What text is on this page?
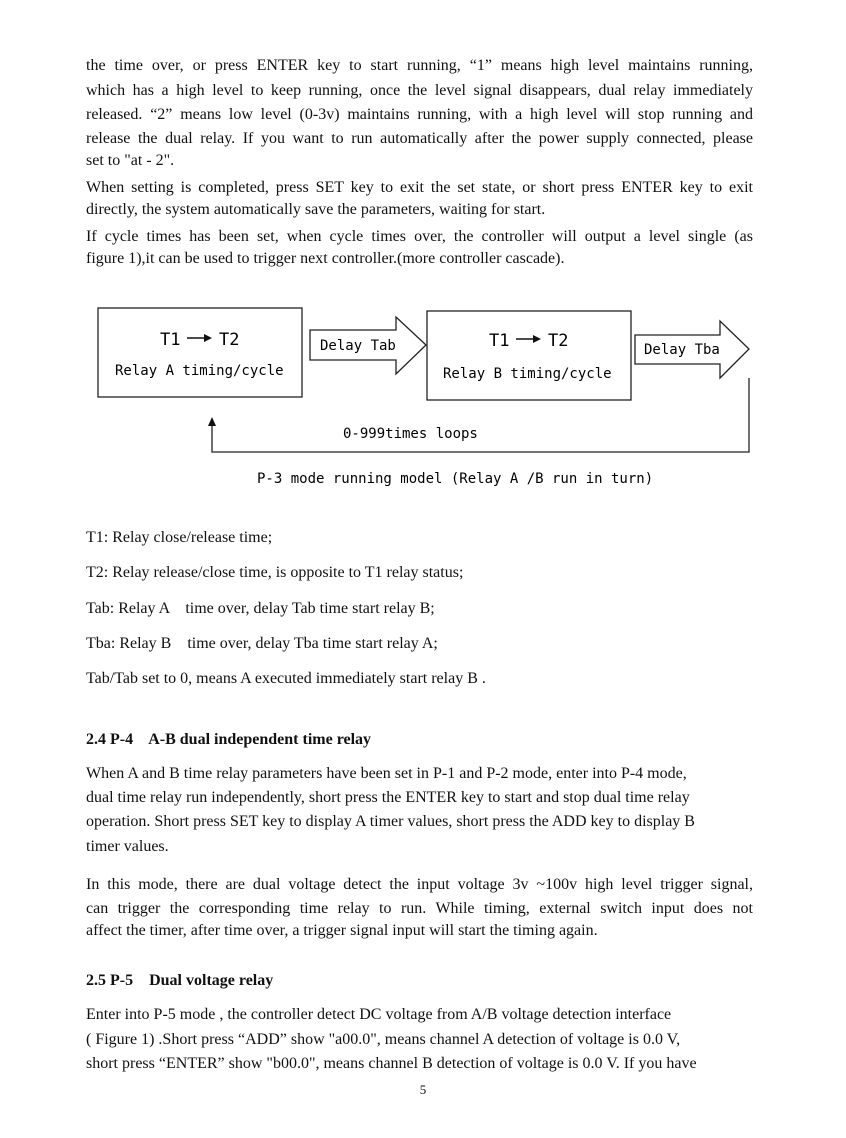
the time over, or press ENTER key to start running, “1” means high level maintains running,

which has a high level to keep running, once the level signal disappears, dual relay immediately

released. “2” means low level (0-3v) maintains running, with a high level will stop running and

release the dual relay. If you want to run automatically after the power supply connected, please

set to "at - 2".

When setting is completed, press SET key to exit the set state, or short press ENTER key to exit

directly, the system automatically save the parameters, waiting for start.

If cycle times has been set, when cycle times over, the controller will output a level single (as

figure 1),it can be used to trigger next controller.(more controller cascade).

T1 T2
Relay A timing/cycle
Delay Tab	T1 T2
Relay B timing/cycle
Delay Tba
0-999times loops
P-3 mode running model (Relay A /B run in turn)

T1: Relay close/release time;

T2: Relay release/close time, is opposite to T1 relay status;

Tab: Relay A    time over, delay Tab time start relay B;

Tba: Relay B    time over, delay Tba time start relay A;

Tab/Tab set to 0, means A executed immediately start relay B .

2.4 P-4    A-B dual independent time relay

When A and B time relay parameters have been set in P-1 and P-2 mode, enter into P-4 mode,

dual time relay run independently, short press the ENTER key to start and stop dual time relay

operation. Short press SET key to display A timer values, short press the ADD key to display B

timer values.

In this mode, there are dual voltage detect the input voltage 3v ~100v high level trigger signal,

can trigger the corresponding time relay to run. While timing, external switch input does not

affect the timer, after time over, a trigger signal input will start the timing again.

2.5 P-5    Dual voltage relay

Enter into P-5 mode , the controller detect DC voltage from A/B voltage detection interface

( Figure 1) .Short press “ADD” show "a00.0", means channel A detection of voltage is 0.0 V,

short press “ENTER” show "b00.0", means channel B detection of voltage is 0.0 V. If you have

5
